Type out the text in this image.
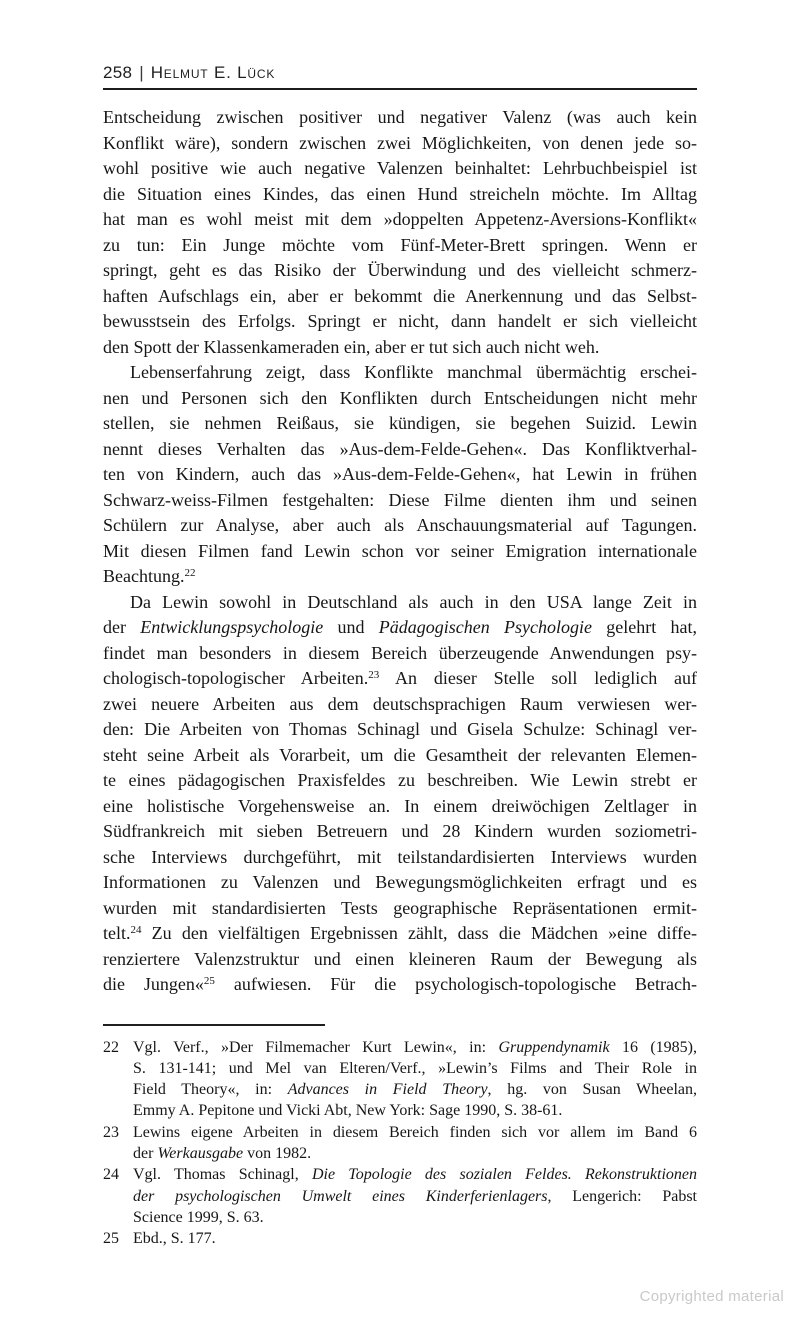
258 | Helmut E. Lück
Entscheidung zwischen positiver und negativer Valenz (was auch kein
Konflikt wäre), sondern zwischen zwei Möglichkeiten, von denen jede so-
wohl positive wie auch negative Valenzen beinhaltet: Lehrbuchbeispiel ist
die Situation eines Kindes, das einen Hund streicheln möchte. Im Alltag
hat man es wohl meist mit dem »doppelten Appetenz-Aversions-Konflikt«
zu tun: Ein Junge möchte vom Fünf-Meter-Brett springen. Wenn er
springt, geht es das Risiko der Überwindung und des vielleicht schmerz-
haften Aufschlags ein, aber er bekommt die Anerkennung und das Selbst-
bewusstsein des Erfolgs. Springt er nicht, dann handelt er sich vielleicht
den Spott der Klassenkameraden ein, aber er tut sich auch nicht weh.
Lebenserfahrung zeigt, dass Konflikte manchmal übermächtig erschei-
nen und Personen sich den Konflikten durch Entscheidungen nicht mehr
stellen, sie nehmen Reißaus, sie kündigen, sie begehen Suizid. Lewin
nennt dieses Verhalten das »Aus-dem-Felde-Gehen«. Das Konfliktverhal-
ten von Kindern, auch das »Aus-dem-Felde-Gehen«, hat Lewin in frühen
Schwarz-weiss-Filmen festgehalten: Diese Filme dienten ihm und seinen
Schülern zur Analyse, aber auch als Anschauungsmaterial auf Tagungen.
Mit diesen Filmen fand Lewin schon vor seiner Emigration internationale
Beachtung.$^{22}$
Da Lewin sowohl in Deutschland als auch in den USA lange Zeit in
der Entwicklungspsychologie und Pädagogischen Psychologie gelehrt hat,
findet man besonders in diesem Bereich überzeugende Anwendungen psy-
chologisch-topologischer Arbeiten.$^{23}$ An dieser Stelle soll lediglich auf
zwei neuere Arbeiten aus dem deutschsprachigen Raum verwiesen wer-
den: Die Arbeiten von Thomas Schinagl und Gisela Schulze: Schinagl ver-
steht seine Arbeit als Vorarbeit, um die Gesamtheit der relevanten Elemen-
te eines pädagogischen Praxisfeldes zu beschreiben. Wie Lewin strebt er
eine holistische Vorgehensweise an. In einem dreiwöchigen Zeltlager in
Südfrankreich mit sieben Betreuern und 28 Kindern wurden soziometri-
sche Interviews durchgeführt, mit teilstandardisierten Interviews wurden
Informationen zu Valenzen und Bewegungsmöglichkeiten erfragt und es
wurden mit standardisierten Tests geographische Repräsentationen ermit-
telt.$^{24}$ Zu den vielfältigen Ergebnissen zählt, dass die Mädchen »eine diffe-
renziertere Valenzstruktur und einen kleineren Raum der Bewegung als
die Jungen«$^{25}$ aufwiesen. Für die psychologisch-topologische Betrach-
22 Vgl. Verf., »Der Filmemacher Kurt Lewin«, in: Gruppendynamik 16 (1985),
S. 131-141; und Mel van Elteren/Verf., »Lewin’s Films and Their Role in
Field Theory«, in: Advances in Field Theory, hg. von Susan Wheelan,
Emmy A. Pepitone und Vicki Abt, New York: Sage 1990, S. 38-61.
23 Lewins eigene Arbeiten in diesem Bereich finden sich vor allem im Band 6
der Werkausgabe von 1982.
24 Vgl. Thomas Schinagl, Die Topologie des sozialen Feldes. Rekonstruktionen
der psychologischen Umwelt eines Kinderferienlagers, Lengerich: Pabst
Science 1999, S. 63.
25 Ebd., S. 177.
Copyrighted material
